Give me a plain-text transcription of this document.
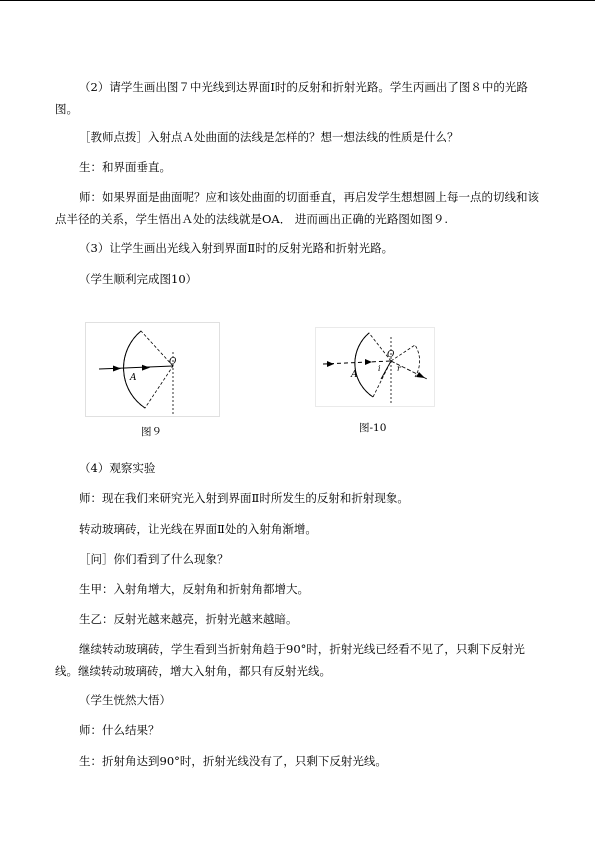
（2）请学生画出图７中光线到达界面Ⅰ时的反射和折射光路。学生丙画出了图８中的光路图。

［教师点拨］入射点Ａ处曲面的法线是怎样的？想一想法线的性质是什么？

生：和界面垂直。

师：如果界面是曲面呢？应和该处曲面的切面垂直，再启发学生想想圆上每一点的切线和该点半径的关系，学生悟出Ａ处的法线就是OA． 进而画出正确的光路图如图９.

（3）让学生画出光线入射到界面Ⅱ时的反射光路和折射光路。

（学生顺利完成图10）

A
O
图９
A
O
i r
图-10

（4）观察实验

师：现在我们来研究光入射到界面Ⅱ时所发生的反射和折射现象。

转动玻璃砖，让光线在界面Ⅱ处的入射角渐增。

［问］你们看到了什么现象？

生甲：入射角增大，反射角和折射角都增大。

生乙：反射光越来越亮，折射光越来越暗。

继续转动玻璃砖，学生看到当折射角趋于90°时，折射光线已经看不见了，只剩下反射光线。继续转动玻璃砖，增大入射角，都只有反射光线。

（学生恍然大悟）

师：什么结果？

生：折射角达到90°时，折射光线没有了，只剩下反射光线。
